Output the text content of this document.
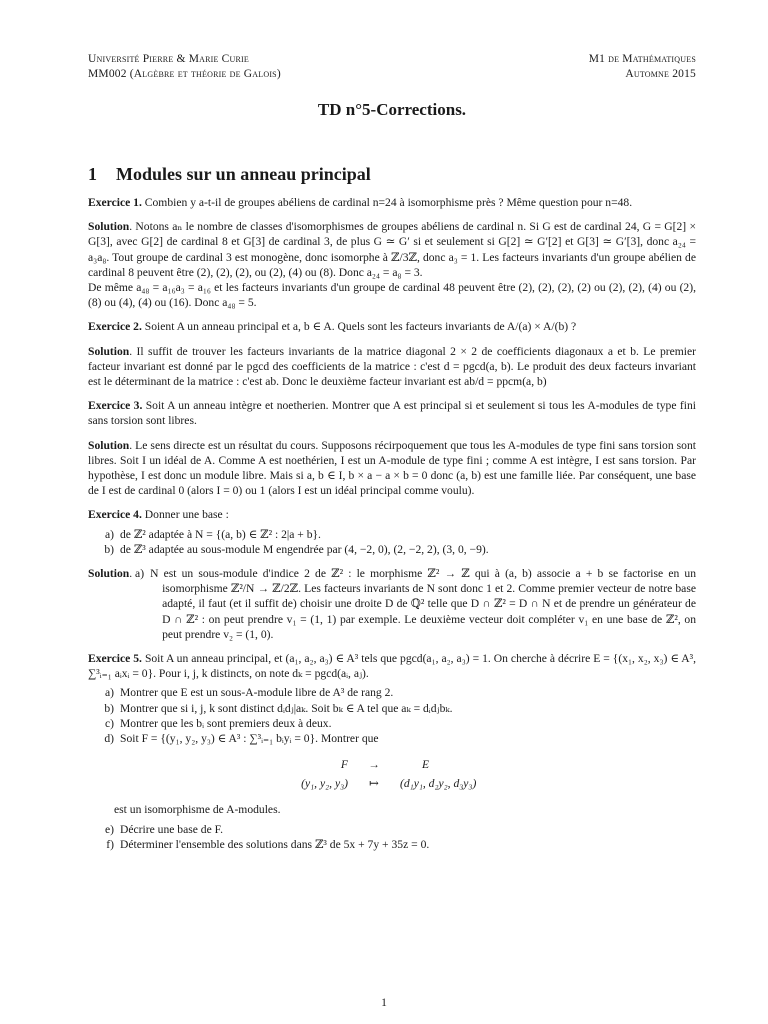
Université Pierre & Marie Curie
MM002 (Algèbre et théorie de Galois)
M1 de Mathématiques
Automne 2015
TD n°5-Corrections.
1 Modules sur un anneau principal

Exercice 1. Combien y a-t-il de groupes abéliens de cardinal n=24 à isomorphisme près ? Même question pour n=48.

Solution. Notons aₙ le nombre de classes d'isomorphismes de groupes abéliens de cardinal n. Si G est de cardinal 24, G = G[2] × G[3], avec G[2] de cardinal 8 et G[3] de cardinal 3, de plus G ≃ G′ si et seulement si G[2] ≃ G′[2] et G[3] ≃ G′[3], donc a₂₄ = a₃a₈. Tout groupe de cardinal 3 est monogène, donc isomorphe à ℤ/3ℤ, donc a₃ = 1. Les facteurs invariants d'un groupe abélien de cardinal 8 peuvent être (2), (2), (2), ou (2), (4) ou (8). Donc a₂₄ = a₈ = 3.

De même a₄₈ = a₁₆a₃ = a₁₆ et les facteurs invariants d'un groupe de cardinal 48 peuvent être (2), (2), (2), (2) ou (2), (2), (4) ou (2), (8) ou (4), (4) ou (16). Donc a₄₈ = 5.

Exercice 2. Soient A un anneau principal et a, b ∈ A. Quels sont les facteurs invariants de A/(a) × A/(b) ?

Solution. Il suffit de trouver les facteurs invariants de la matrice diagonal 2 × 2 de coefficients diagonaux a et b. Le premier facteur invariant est donné par le pgcd des coefficients de la matrice : c'est d = pgcd(a, b). Le produit des deux facteurs invariant est le déterminant de la matrice : c'est ab. Donc le deuxième facteur invariant est ab/d = ppcm(a, b)

Exercice 3. Soit A un anneau intègre et noetherien. Montrer que A est principal si et seulement si tous les A-modules de type fini sans torsion sont libres.

Solution. Le sens directe est un résultat du cours. Supposons récirpoquement que tous les A-modules de type fini sans torsion sont libres. Soit I un idéal de A. Comme A est noethérien, I est un A-module de type fini ; comme A est intègre, I est sans torsion. Par hypothèse, I est donc un module libre. Mais si a, b ∈ I, b × a − a × b = 0 donc (a, b) est une famille liée. Par conséquent, une base de I est de cardinal 0 (alors I = 0) ou 1 (alors I est un idéal principal comme voulu).

Exercice 4. Donner une base :

a) de ℤ² adaptée à N = {(a, b) ∈ ℤ² : 2|a + b}.
b) de ℤ³ adaptée au sous-module M engendrée par (4, −2, 0), (2, −2, 2), (3, 0, −9).
Solution. a) N est un sous-module d'indice 2 de ℤ² : le morphisme ℤ² → ℤ qui à (a, b) associe a + b se factorise en un isomorphisme ℤ²/N → ℤ/2ℤ. Les facteurs invariants de N sont donc 1 et 2. Comme premier vecteur de notre base adapté, il faut (et il suffit de) choisir une droite D de ℚ² telle que D ∩ ℤ² = D ∩ N et de prendre un générateur de D ∩ ℤ² : on peut prendre v₁ = (1, 1) par exemple. Le deuxième vecteur doit compléter v₁ en une base de ℤ², on peut prendre v₂ = (1, 0).

Exercice 5. Soit A un anneau principal, et (a₁, a₂, a₃) ∈ A³ tels que pgcd(a₁, a₂, a₃) = 1. On cherche à décrire E = {(x₁, x₂, x₃) ∈ A³, ∑³ᵢ₌₁ aᵢxᵢ = 0}. Pour i, j, k distincts, on note dₖ = pgcd(aᵢ, aⱼ).

a) Montrer que E est un sous-A-module libre de A³ de rang 2.
b) Montrer que si i, j, k sont distinct dᵢdⱼ|aₖ. Soit bₖ ∈ A tel que aₖ = dᵢdⱼbₖ.
c) Montrer que les bᵢ sont premiers deux à deux.
d) Soit F = {(y₁, y₂, y₃) ∈ A³ : ∑³ᵢ₌₁ bᵢyᵢ = 0}. Montrer que
F	→	E
(y₁, y₂, y₃)	↦	(d₁y₁, d₂y₂, d₃y₃)

est un isomorphisme de A-modules.

e) Décrire une base de F.
f) Déterminer l'ensemble des solutions dans ℤ³ de 5x + 7y + 35z = 0.
1
